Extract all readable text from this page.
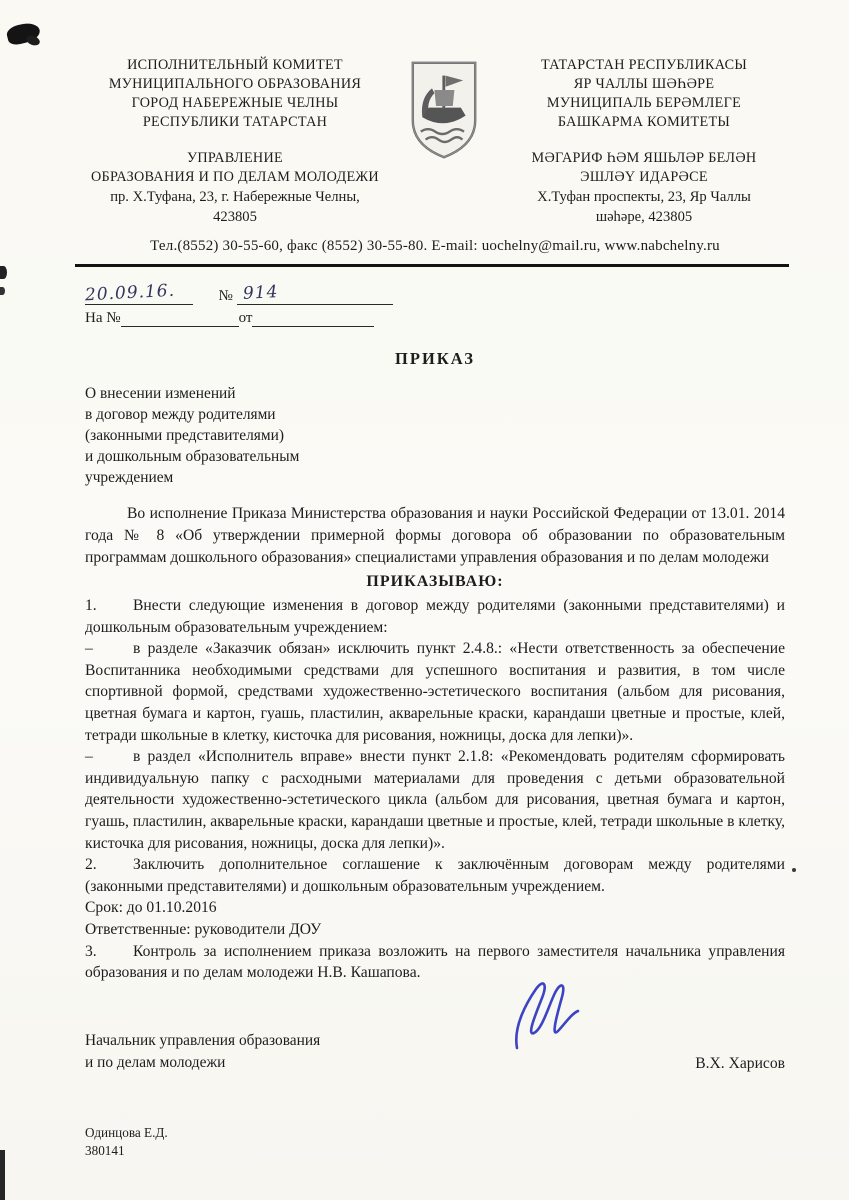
ИСПОЛНИТЕЛЬНЫЙ КОМИТЕТ
МУНИЦИПАЛЬНОГО ОБРАЗОВАНИЯ
ГОРОД НАБЕРЕЖНЫЕ ЧЕЛНЫ
РЕСПУБЛИКИ ТАТАРСТАН
УПРАВЛЕНИЕ
ОБРАЗОВАНИЯ И ПО ДЕЛАМ МОЛОДЕЖИ
пр. Х.Туфана, 23, г. Набережные Челны,
423805
ТАТАРСТАН РЕСПУБЛИКАСЫ
ЯР ЧАЛЛЫ ШӘҺӘРЕ
МУНИЦИПАЛЬ БЕРӘМЛЕГЕ
БАШКАРМА КОМИТЕТЫ
МӘГАРИФ ҺӘМ ЯШЬЛӘР БЕЛӘН
ЭШЛӘҮ ИДАРӘСЕ
Х.Туфан проспекты, 23, Яр Чаллы
шәһәре, 423805
Тел.(8552) 30-55-60, факс (8552) 30-55-80. E-mail: uochelny@mail.ru, www.nabchelny.ru
20.09.16.	№ 914
На №	от
ПРИКАЗ
О внесении изменений
в договор между родителями
(законными представителями)
и дошкольным образовательным
учреждением
Во исполнение Приказа Министерства образования и науки Российской Федерации от 13.01. 2014 года № 8 «Об утверждении примерной формы договора об образовании по образовательным программам дошкольного образования» специалистами управления образования и по делам молодежи
ПРИКАЗЫВАЮ:
1. Внести следующие изменения в договор между родителями (законными представителями) и дошкольным образовательным учреждением:
–	в разделе «Заказчик обязан» исключить пункт 2.4.8.: «Нести ответственность за обеспечение Воспитанника необходимыми средствами для успешного воспитания и развития, в том числе спортивной формой, средствами художественно-эстетического воспитания (альбом для рисования, цветная бумага и картон, гуашь, пластилин, акварельные краски, карандаши цветные и простые, клей, тетради школьные в клетку, кисточка для рисования, ножницы, доска для лепки)».
–	в раздел «Исполнитель вправе» внести пункт 2.1.8: «Рекомендовать родителям сформировать индивидуальную папку с расходными материалами для проведения с детьми образовательной деятельности художественно-эстетического цикла (альбом для рисования, цветная бумага и картон, гуашь, пластилин, акварельные краски, карандаши цветные и простые, клей, тетради школьные в клетку, кисточка для рисования, ножницы, доска для лепки)».
2. Заключить дополнительное соглашение к заключённым договорам между родителями (законными представителями) и дошкольным образовательным учреждением.
Срок: до 01.10.2016
Ответственные: руководители ДОУ
3. Контроль за исполнением приказа возложить на первого заместителя начальника управления образования и по делам молодежи Н.В. Кашапова.
Начальник управления образования
и по делам молодежи	В.Х. Харисов
Одинцова Е.Д.
380141
